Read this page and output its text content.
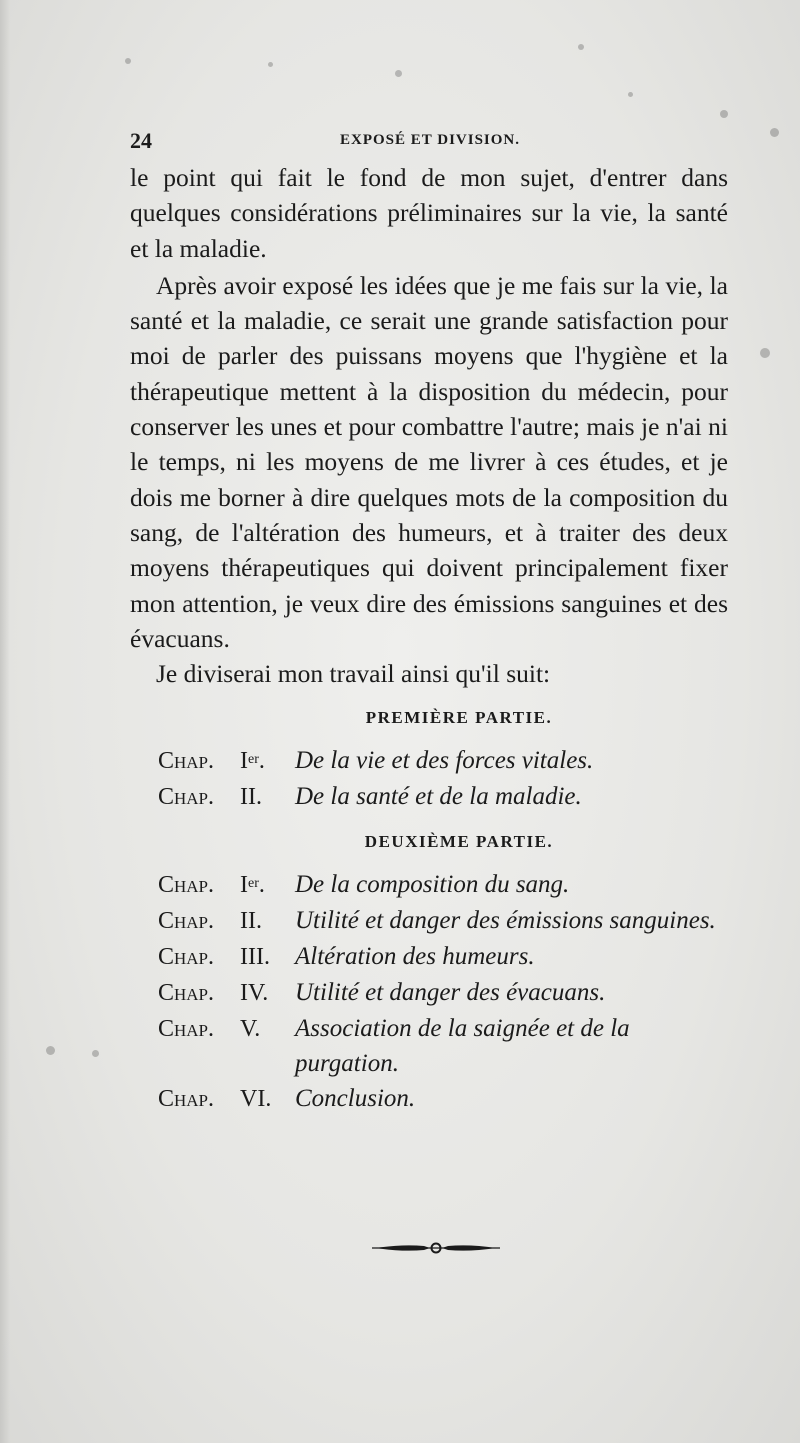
24	EXPOSÉ ET DIVISION.

le point qui fait le fond de mon sujet, d'entrer dans quelques considérations préliminaires sur la vie, la santé et la maladie.

Après avoir exposé les idées que je me fais sur la vie, la santé et la maladie, ce serait une grande satisfaction pour moi de parler des puissans moyens que l'hygiène et la thérapeutique mettent à la disposition du médecin, pour conserver les unes et pour combattre l'autre; mais je n'ai ni le temps, ni les moyens de me livrer à ces études, et je dois me borner à dire quelques mots de la composition du sang, de l'altération des humeurs, et à traiter des deux moyens thérapeutiques qui doivent principalement fixer mon attention, je veux dire des émissions sanguines et des évacuans.

Je diviserai mon travail ainsi qu'il suit:

PREMIÈRE PARTIE.

Chap.	Ier.	De la vie et des forces vitales.
Chap.	II.	De la santé et de la maladie.

DEUXIÈME PARTIE.

Chap.	Ier.	De la composition du sang.
Chap.	II.	Utilité et danger des émissions sanguines.
Chap.	III.	Altération des humeurs.
Chap.	IV.	Utilité et danger des évacuans.
Chap.	V.	Association de la saignée et de la purgation.
Chap.	VI. Conclusion.
